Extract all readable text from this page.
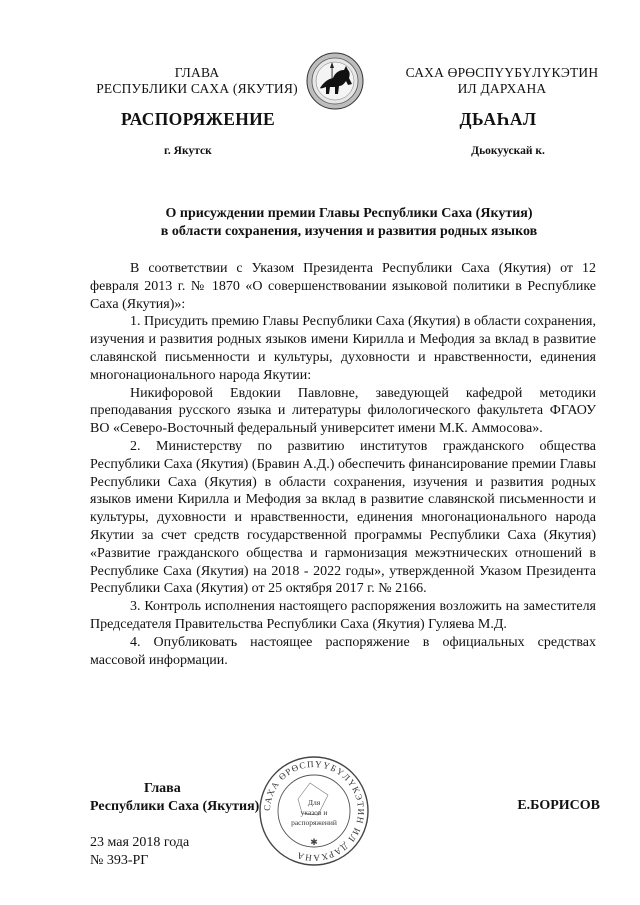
ГЛАВА
РЕСПУБЛИКИ САХА (ЯКУТИЯ)
САХА ӨРӨСПҮҮБҮЛҮКЭТИН
ИЛ ДАРХАНА
РАСПОРЯЖЕНИЕ	ДЬАҺАЛ
г. Якутск	Дьокуускай к.
О присуждении премии Главы Республики Саха (Якутия)
в области сохранения, изучения и развития родных языков

В соответствии с Указом Президента Республики Саха (Якутия) от 12 февраля 2013 г. № 1870 «О совершенствовании языковой политики в Республике Саха (Якутия)»:

1. Присудить премию Главы Республики Саха (Якутия) в области сохранения, изучения и развития родных языков имени Кирилла и Мефодия за вклад в развитие славянской письменности и культуры, духовности и нравственности, единения многонационального народа Якутии:

Никифоровой Евдокии Павловне, заведующей кафедрой методики преподавания русского языка и литературы филологического факультета ФГАОУ ВО «Северо-Восточный федеральный университет имени М.К. Аммосова».

2. Министерству по развитию институтов гражданского общества Республики Саха (Якутия) (Бравин А.Д.) обеспечить финансирование премии Главы Республики Саха (Якутия) в области сохранения, изучения и развития родных языков имени Кирилла и Мефодия за вклад в развитие славянской письменности и культуры, духовности и нравственности, единения многонационального народа Якутии за счет средств государственной программы Республики Саха (Якутия) «Развитие гражданского общества и гармонизация межэтнических отношений в Республике Саха (Якутия) на 2018 - 2022 годы», утвержденной Указом Президента Республики Саха (Якутия) от 25 октября 2017 г. № 2166.

3. Контроль исполнения настоящего распоряжения возложить на заместителя Председателя Правительства Республики Саха (Якутия) Гуляева М.Д.

4. Опубликовать настоящее распоряжение в официальных средствах массовой информации.

Глава
Республики Саха (Якутия) САХА ӨРӨСПҮҮБҮЛҮКЭТИН ИЛ ДАРХАНА
Для
указов и
распоряжений
✱
Е.БОРИСОВ
23 мая 2018 года
№ 393-РГ
